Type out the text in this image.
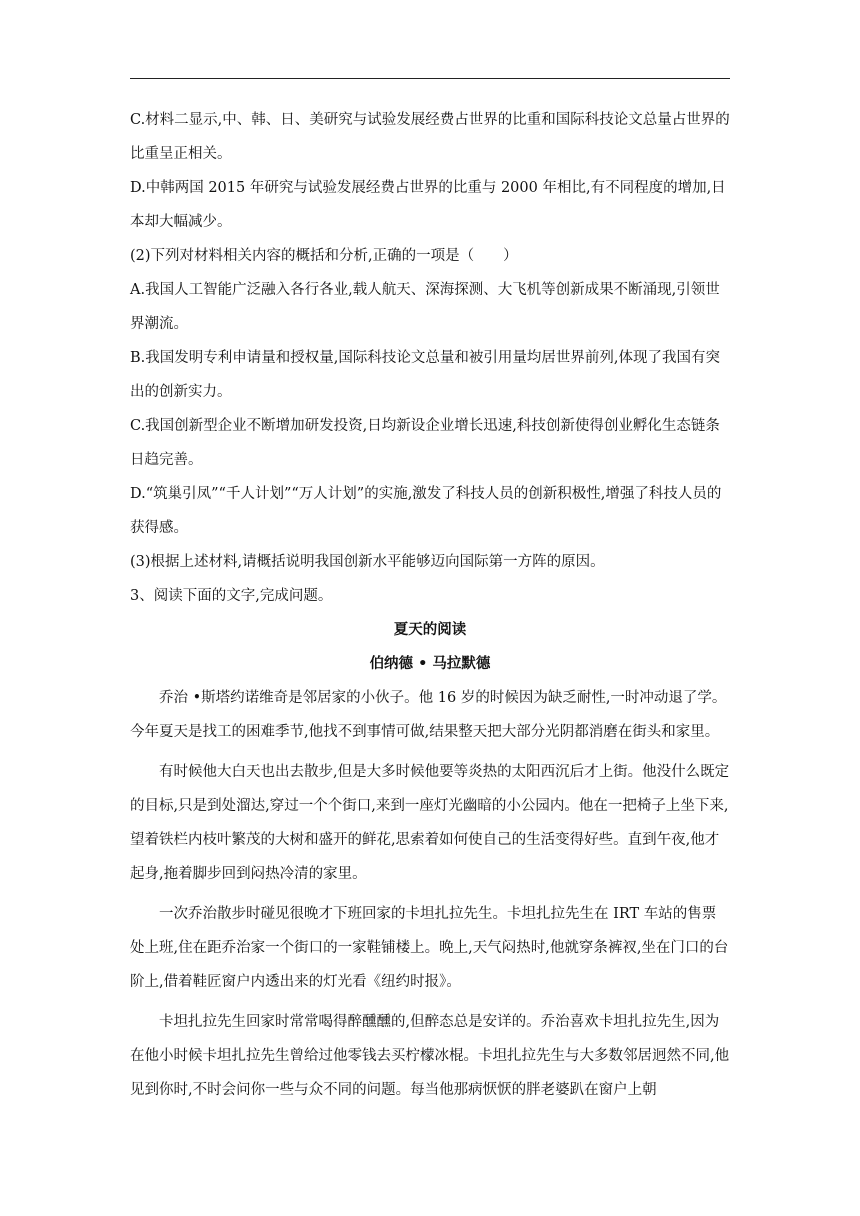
C.材料二显示,中、韩、日、美研究与试验发展经费占世界的比重和国际科技论文总量占世界的比重呈正相关。

D.中韩两国 2015 年研究与试验发展经费占世界的比重与 2000 年相比,有不同程度的增加,日本却大幅减少。

(2)下列对材料相关内容的概括和分析,正确的一项是（　　）

A.我国人工智能广泛融入各行各业,载人航天、深海探测、大飞机等创新成果不断涌现,引领世界潮流。

B.我国发明专利申请量和授权量,国际科技论文总量和被引用量均居世界前列,体现了我国有突出的创新实力。

C.我国创新型企业不断增加研发投资,日均新设企业增长迅速,科技创新使得创业孵化生态链条日趋完善。

D.“筑巢引凤”“千人计划”“万人计划”的实施,激发了科技人员的创新积极性,增强了科技人员的获得感。

(3)根据上述材料,请概括说明我国创新水平能够迈向国际第一方阵的原因。

3、阅读下面的文字,完成问题。

夏天的阅读

伯纳德 • 马拉默德

乔治 •斯塔约诺维奇是邻居家的小伙子。他 16 岁的时候因为缺乏耐性,一时冲动退了学。今年夏天是找工的困难季节,他找不到事情可做,结果整天把大部分光阴都消磨在街头和家里。

有时候他大白天也出去散步,但是大多时候他要等炎热的太阳西沉后才上街。他没什么既定的目标,只是到处溜达,穿过一个个街口,来到一座灯光幽暗的小公园内。他在一把椅子上坐下来,望着铁栏内枝叶繁茂的大树和盛开的鲜花,思索着如何使自己的生活变得好些。直到午夜,他才起身,拖着脚步回到闷热冷清的家里。

一次乔治散步时碰见很晚才下班回家的卡坦扎拉先生。卡坦扎拉先生在 IRT 车站的售票处上班,住在距乔治家一个街口的一家鞋铺楼上。晚上,天气闷热时,他就穿条裤衩,坐在门口的台阶上,借着鞋匠窗户内透出来的灯光看《纽约时报》。

卡坦扎拉先生回家时常常喝得醉醺醺的,但醉态总是安详的。乔治喜欢卡坦扎拉先生,因为在他小时候卡坦扎拉先生曾给过他零钱去买柠檬冰棍。卡坦扎拉先生与大多数邻居迥然不同,他见到你时,不时会问你一些与众不同的问题。每当他那病恹恹的胖老婆趴在窗户上朝
